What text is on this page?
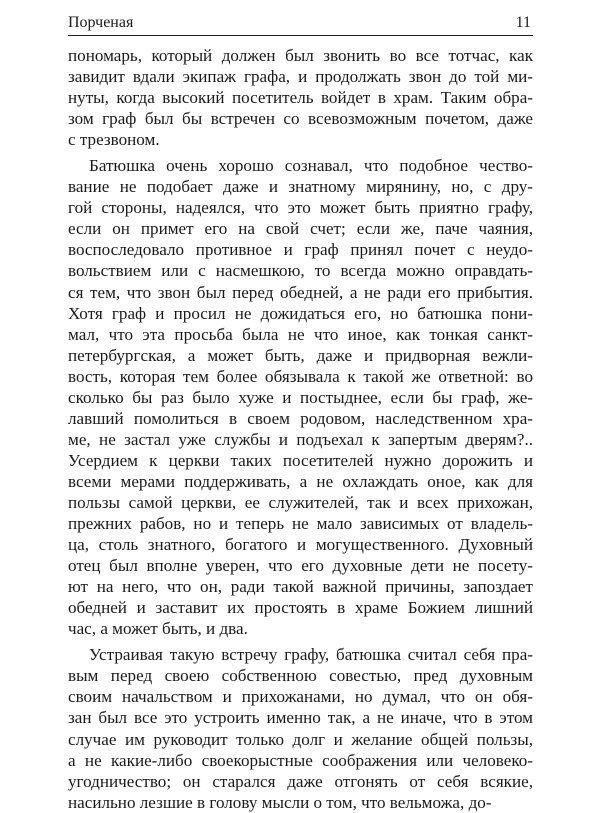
Порченая	11
пономарь, который должен был звонить во все тотчас, как
завидит вдали экипаж графа, и продолжать звон до той ми-
нуты, когда высокий посетитель войдет в храм. Таким обра-
зом граф был бы встречен со всевозможным почетом, даже
с трезвоном.
Батюшка очень хорошо сознавал, что подобное чество-
вание не подобает даже и знатному мирянину, но, с дру-
гой стороны, надеялся, что это может быть приятно графу,
если он примет его на свой счет; если же, паче чаяния,
воспоследовало противное и граф принял почет с неудо-
вольствием или с насмешкою, то всегда можно оправдать-
ся тем, что звон был перед обедней, а не ради его прибытия.
Хотя граф и просил не дожидаться его, но батюшка пони-
мал, что эта просьба была не что иное, как тонкая санкт-
петербургская, а может быть, даже и придворная вежли-
вость, которая тем более обязывала к такой же ответной: во
сколько бы раз было хуже и постыднее, если бы граф, же-
лавший помолиться в своем родовом, наследственном хра-
ме, не застал уже службы и подъехал к запертым дверям?..
Усердием к церкви таких посетителей нужно дорожить и
всеми мерами поддерживать, а не охлаждать оное, как для
пользы самой церкви, ее служителей, так и всех прихожан,
прежних рабов, но и теперь не мало зависимых от владель-
ца, столь знатного, богатого и могущественного. Духовный
отец был вполне уверен, что его духовные дети не посету-
ют на него, что он, ради такой важной причины, запоздает
обедней и заставит их простоять в храме Божием лишний
час, а может быть, и два.
Устраивая такую встречу графу, батюшка считал себя пра-
вым перед своею собственною совестью, пред духовным
своим начальством и прихожанами, но думал, что он обя-
зан был все это устроить именно так, а не иначе, что в этом
случае им руководит только долг и желание общей пользы,
а не какие-либо своекорыстные соображения или человеко-
угодничество; он старался даже отгонять от себя всякие,
насильно лезшие в голову мысли о том, что вельможа, до-
